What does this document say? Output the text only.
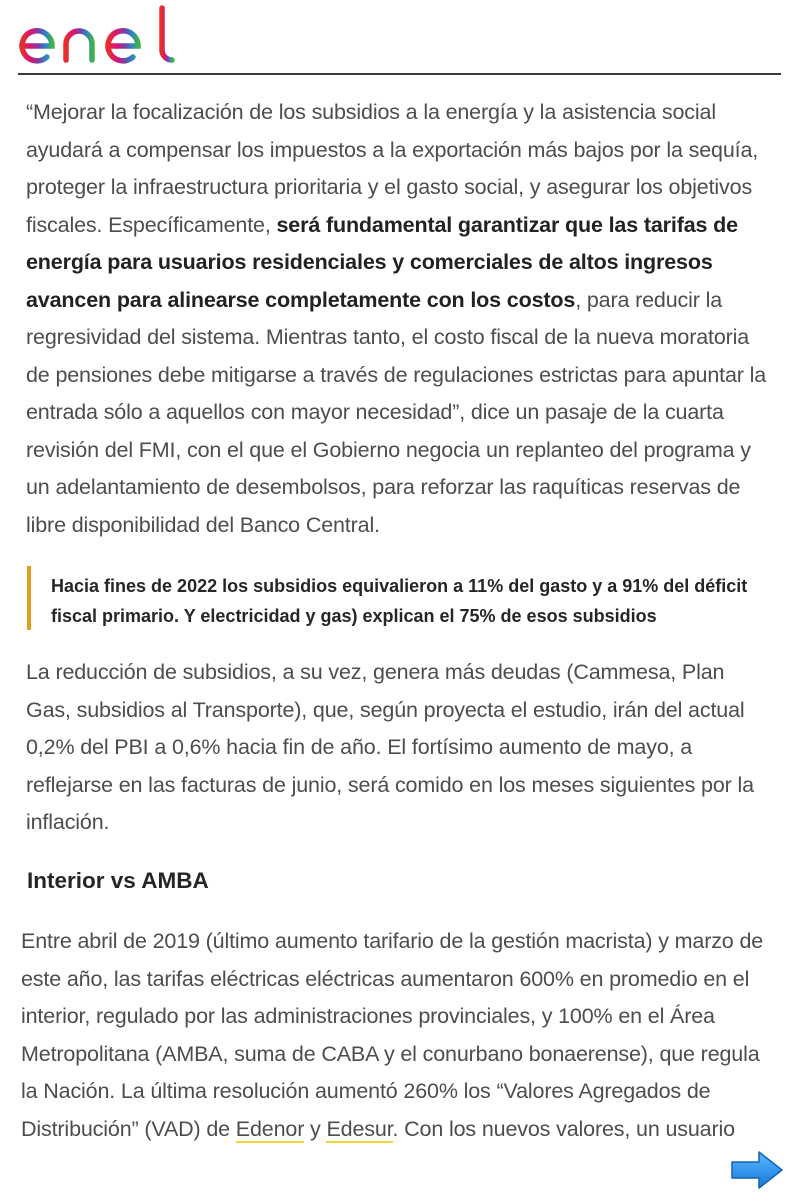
“Mejorar la focalización de los subsidios a la energía y la asistencia social ayudará a compensar los impuestos a la exportación más bajos por la sequía, proteger la infraestructura prioritaria y el gasto social, y asegurar los objetivos fiscales. Específicamente, será fundamental garantizar que las tarifas de energía para usuarios residenciales y comerciales de altos ingresos avancen para alinearse completamente con los costos, para reducir la regresividad del sistema. Mientras tanto, el costo fiscal de la nueva moratoria de pensiones debe mitigarse a través de regulaciones estrictas para apuntar la entrada sólo a aquellos con mayor necesidad”, dice un pasaje de la cuarta revisión del FMI, con el que el Gobierno negocia un replanteo del programa y un adelantamiento de desembolsos, para reforzar las raquíticas reservas de libre disponibilidad del Banco Central.

Hacia fines de 2022 los subsidios equivalieron a 11% del gasto y a 91% del déficit fiscal primario. Y electricidad y gas) explican el 75% de esos subsidios

La reducción de subsidios, a su vez, genera más deudas (Cammesa, Plan Gas, subsidios al Transporte), que, según proyecta el estudio, irán del actual 0,2% del PBI a 0,6% hacia fin de año. El fortísimo aumento de mayo, a reflejarse en las facturas de junio, será comido en los meses siguientes por la inflación.

Interior vs AMBA

Entre abril de 2019 (último aumento tarifario de la gestión macrista) y marzo de este año, las tarifas eléctricas eléctricas aumentaron 600% en promedio en el interior, regulado por las administraciones provinciales, y 100% en el Área Metropolitana (AMBA, suma de CABA y el conurbano bonaerense), que regula la Nación. La última resolución aumentó 260% los “Valores Agregados de Distribución” (VAD) de Edenor y Edesur. Con los nuevos valores, un usuario
